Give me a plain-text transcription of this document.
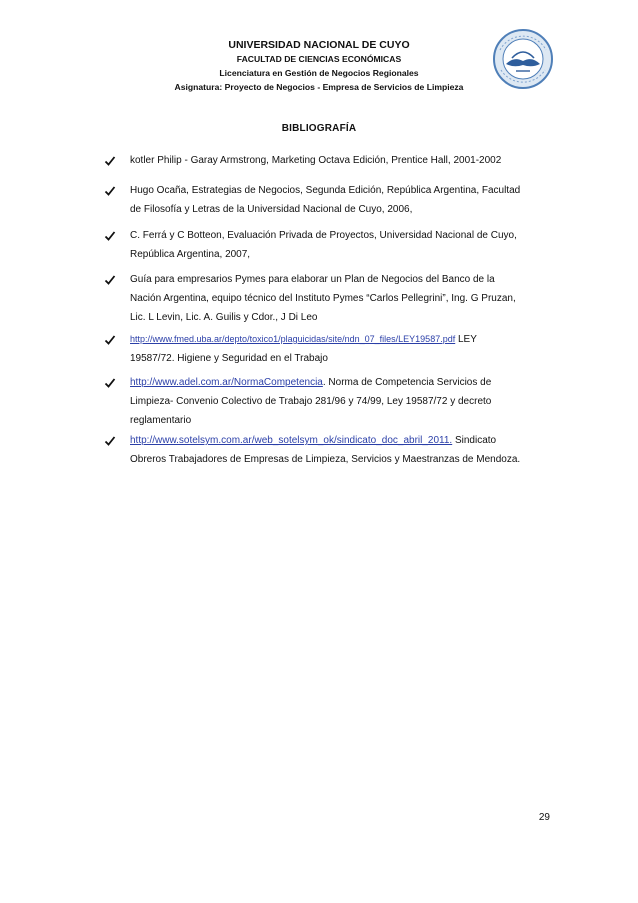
UNIVERSIDAD NACIONAL DE CUYO
FACULTAD DE CIENCIAS ECONÓMICAS
Licenciatura en Gestión de Negocios Regionales
Asignatura: Proyecto de Negocios - Empresa de Servicios de Limpieza
BIBLIOGRAFÍA
kotler Philip - Garay Armstrong, Marketing Octava Edición, Prentice Hall, 2001-2002
Hugo Ocaña, Estrategias de Negocios, Segunda Edición, República Argentina, Facultad
de Filosofía y Letras de la Universidad Nacional de Cuyo, 2006,
C. Ferrá y C Botteon, Evaluación Privada de Proyectos, Universidad Nacional de Cuyo,
República Argentina, 2007,
Guía para empresarios Pymes para elaborar un Plan de Negocios del Banco de la
Nación Argentina, equipo técnico del Instituto Pymes “Carlos Pellegrini”, Ing. G Pruzan,
Lic. L Levin, Lic. A. Guilis y Cdor., J Di Leo
http://www.fmed.uba.ar/depto/toxico1/plaguicidas/site/ndn_07_files/LEY19587.pdf LEY
19587/72. Higiene y Seguridad en el Trabajo
http://www.adel.com.ar/NormaCompetencia. Norma de Competencia Servicios de
Limpieza- Convenio Colectivo de Trabajo 281/96 y 74/99, Ley 19587/72 y decreto
reglamentario
http://www.sotelsym.com.ar/web_sotelsym_ok/sindicato_doc_abril_2011. Sindicato
Obreros Trabajadores de Empresas de Limpieza, Servicios y Maestranzas de Mendoza.
29
